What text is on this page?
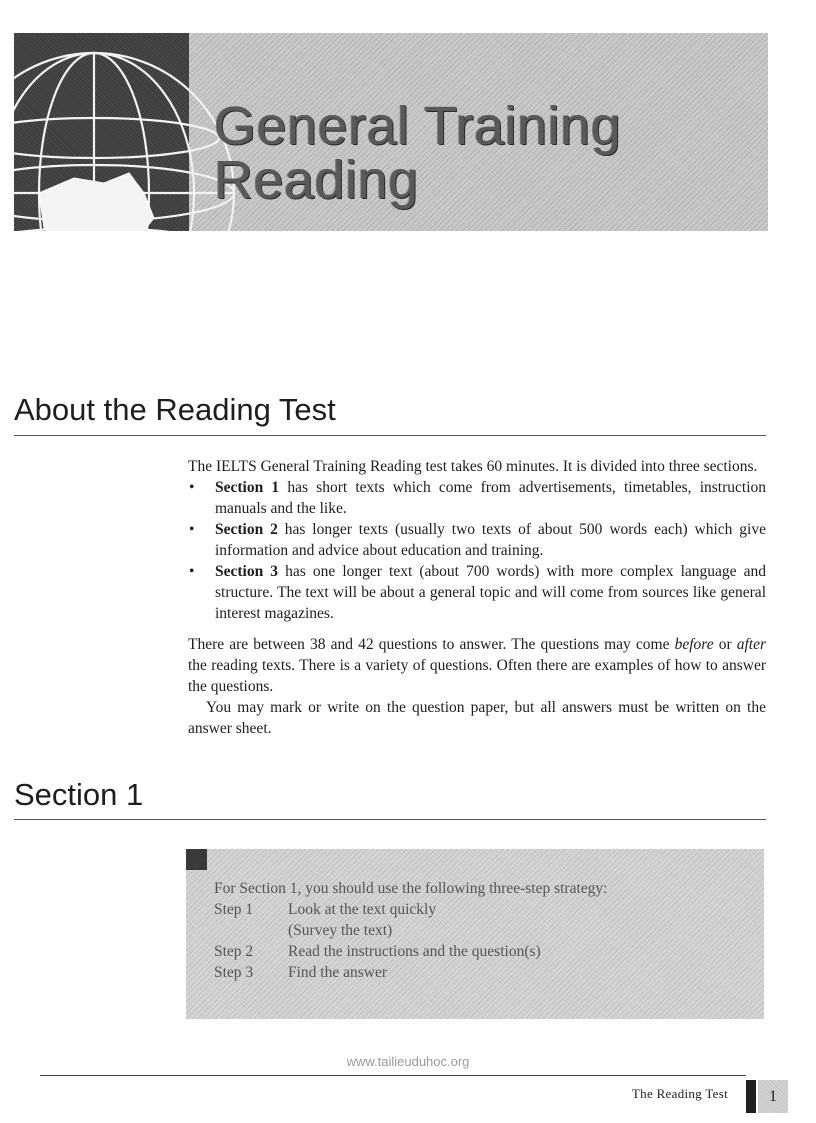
General Training
Reading
About the Reading Test

The IELTS General Training Reading test takes 60 minutes. It is divided into three sections.

• Section 1 has short texts which come from advertisements, timetables, instruction manuals and the like.
• Section 2 has longer texts (usually two texts of about 500 words each) which give information and advice about education and training.
• Section 3 has one longer text (about 700 words) with more complex language and structure. The text will be about a general topic and will come from sources like general interest magazines.

There are between 38 and 42 questions to answer. The questions may come before or after the reading texts. There is a variety of questions. Often there are examples of how to answer the questions.

You may mark or write on the question paper, but all answers must be written on the answer sheet.

Section 1
For Section 1, you should use the following three-step strategy:
Step 1	Look at the text quickly
(Survey the text)
Step 2	Read the instructions and the question(s)
Step 3	Find the answer
www.tailieuduhoc.org
The Reading Test	1
